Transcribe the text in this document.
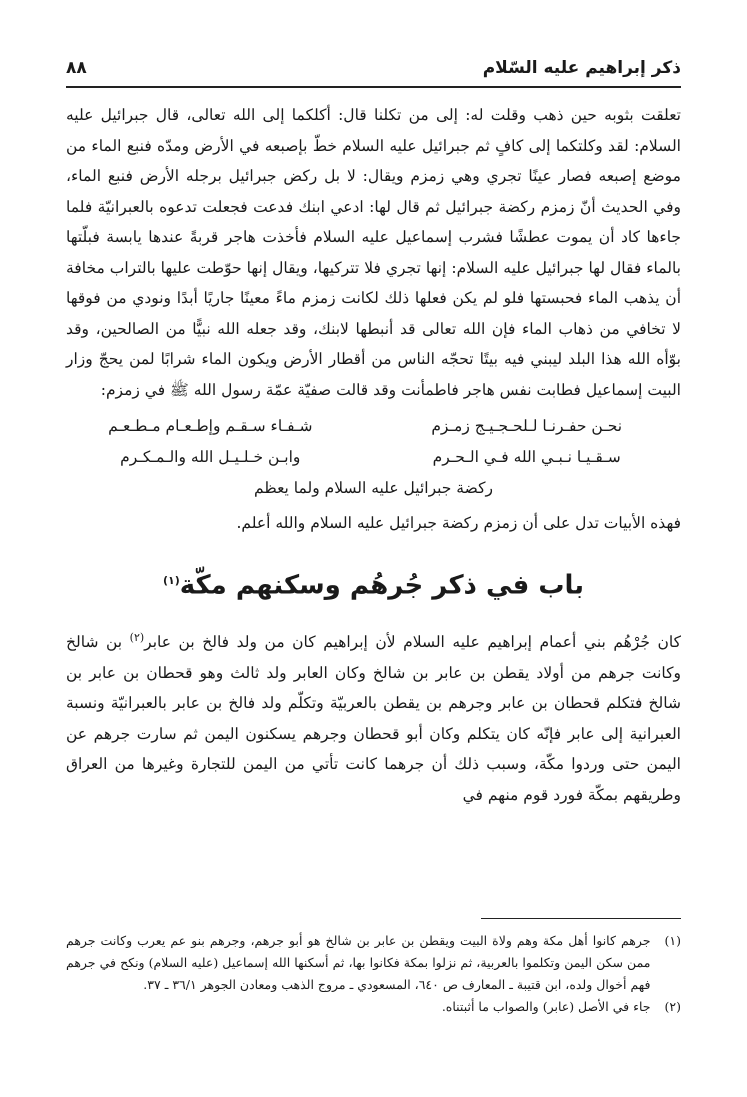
ذكر إبراهيم عليه السّلام
٨٨

تعلقت بثوبه حين ذهب وقلت له: إلى من تكلنا قال: أكلكما إلى الله تعالى، قال جبرائيل عليه السلام: لقد وكلتكما إلى كافٍ ثم جبرائيل عليه السلام خطّ بإصبعه في الأرض ومدّه فنبع الماء من موضع إصبعه فصار عينًا تجري وهي زمزم ويقال: لا بل ركض جبرائيل برجله الأرض فنبع الماء، وفي الحديث أنّ زمزم ركضة جبرائيل ثم قال لها: ادعي ابنك فدعت فجعلت تدعوه بالعبرانيّة فلما جاءها كاد أن يموت عطشًا فشرب إسماعيل عليه السلام فأخذت هاجر قربةً عندها يابسة فبلّتها بالماء فقال لها جبرائيل عليه السلام: إنها تجري فلا تتركيها، ويقال إنها حوّطت عليها بالتراب مخافة أن يذهب الماء فحبستها فلو لم يكن فعلها ذلك لكانت زمزم ماءً معينًا جاريًا أبدًا ونودي من فوقها لا تخافي من ذهاب الماء فإن الله تعالى قد أنبطها لابنك، وقد جعله الله نبيًّا من الصالحين، وقد بوّأه الله هذا البلد ليبني فيه بيتًا تحجّه الناس من أقطار الأرض ويكون الماء شرابًا لمن يحجّ وزار البيت إسماعيل فطابت نفس هاجر فاطمأنت وقد قالت صفيّة عمّة رسول الله ﷺ في زمزم:

نحـن حفـرنـا لـلحـجـيـج زمـزم
شـفـاء سـقـم وإطـعـام مـطـعـم
سـقـيـا نـبـي الله فـي الـحـرم
وابـن خـلـيـل الله والـمـكـرم
ركضة جبرائيل عليه السلام ولما يعظم

فهذه الأبيات تدل على أن زمزم ركضة جبرائيل عليه السلام والله أعلم.

باب في ذكر جُرهُم وسكنهم مكّة$^{(١)}$

كان جُرْهُم بني أعمام إبراهيم عليه السلام لأن إبراهيم كان من ولد فالخ بن عابر$^{(٢)}$ بن شالخ وكانت جرهم من أولاد يقطن بن عابر بن شالخ وكان العابر ولد ثالث وهو قحطان بن عابر بن شالخ فتكلم قحطان بن عابر وجرهم بن يقطن بالعربيّة وتكلّم ولد فالخ بن عابر بالعبرانيّة ونسبة العبرانية إلى عابر فإنّه كان يتكلم وكان أبو قحطان وجرهم يسكنون اليمن ثم سارت جرهم عن اليمن حتى وردوا مكّة، وسبب ذلك أن جرهما كانت تأتي من اليمن للتجارة وغيرها من العراق وطريقهم بمكّة فورد قوم منهم في

(١)
جرهم كانوا أهل مكة وهم ولاة البيت ويقطن بن عابر بن شالخ هو أبو جرهم، وجرهم بنو عم يعرب وكانت جرهم ممن سكن اليمن وتكلموا بالعربية، ثم نزلوا بمكة فكانوا بها، ثم أسكنها الله إسماعيل (عليه السلام) ونكح في جرهم فهم أخوال ولده، ابن قتيبة ـ المعارف ص ٦٤٠، المسعودي ـ مروج الذهب ومعادن الجوهر ٣٦/١ ـ ٣٧.

(٢)
جاء في الأصل (عابر) والصواب ما أثبتناه.
